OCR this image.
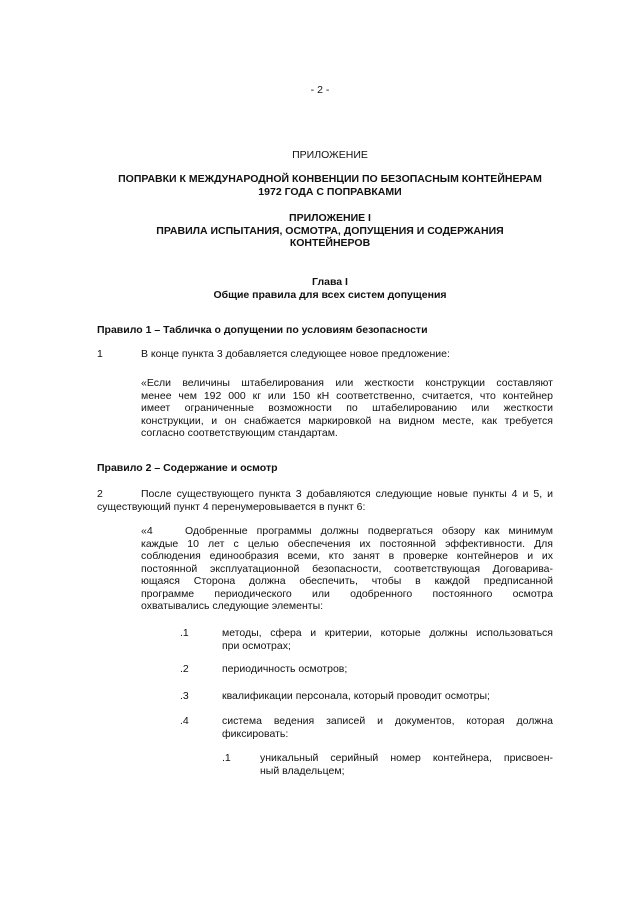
- 2 -
ПРИЛОЖЕНИЕ
ПОПРАВКИ К МЕЖДУНАРОДНОЙ КОНВЕНЦИИ ПО БЕЗОПАСНЫМ КОНТЕЙНЕРАМ
1972 ГОДА С ПОПРАВКАМИ
ПРИЛОЖЕНИЕ I
ПРАВИЛА ИСПЫТАНИЯ, ОСМОТРА, ДОПУЩЕНИЯ И СОДЕРЖАНИЯ
КОНТЕЙНЕРОВ
Глава I
Общие правила для всех систем допущения
Правило 1 – Табличка о допущении по условиям безопасности
1	В конце пункта 3 добавляется следующее новое предложение:
«Если величины штабелирования или жесткости конструкции составляют
менее чем 192 000 кг или 150 кН соответственно, считается, что контейнер
имеет ограниченные возможности по штабелированию или жесткости
конструкции, и он снабжается маркировкой на видном месте, как требуется
согласно соответствующим стандартам.
Правило 2 – Содержание и осмотр
2	После существующего пункта 3 добавляются следующие новые пункты 4 и 5, и
существующий пункт 4 перенумеровывается в пункт 6:
«4	Одобренные программы должны подвергаться обзору как минимум
каждые 10 лет с целью обеспечения их постоянной эффективности. Для
соблюдения единообразия всеми, кто занят в проверке контейнеров и их
постоянной эксплуатационной безопасности, соответствующая Договарива-
ющаяся Сторона должна обеспечить, чтобы в каждой предписанной
программе периодического или одобренного постоянного осмотра
охватывались следующие элементы:
.1	методы, сфера и критерии, которые должны использоваться
при осмотрах;
.2	периодичность осмотров;
.3	квалификации персонала, который проводит осмотры;
.4	система ведения записей и документов, которая должна
фиксировать:
.1	уникальный серийный номер контейнера, присвоен-
ный владельцем;
